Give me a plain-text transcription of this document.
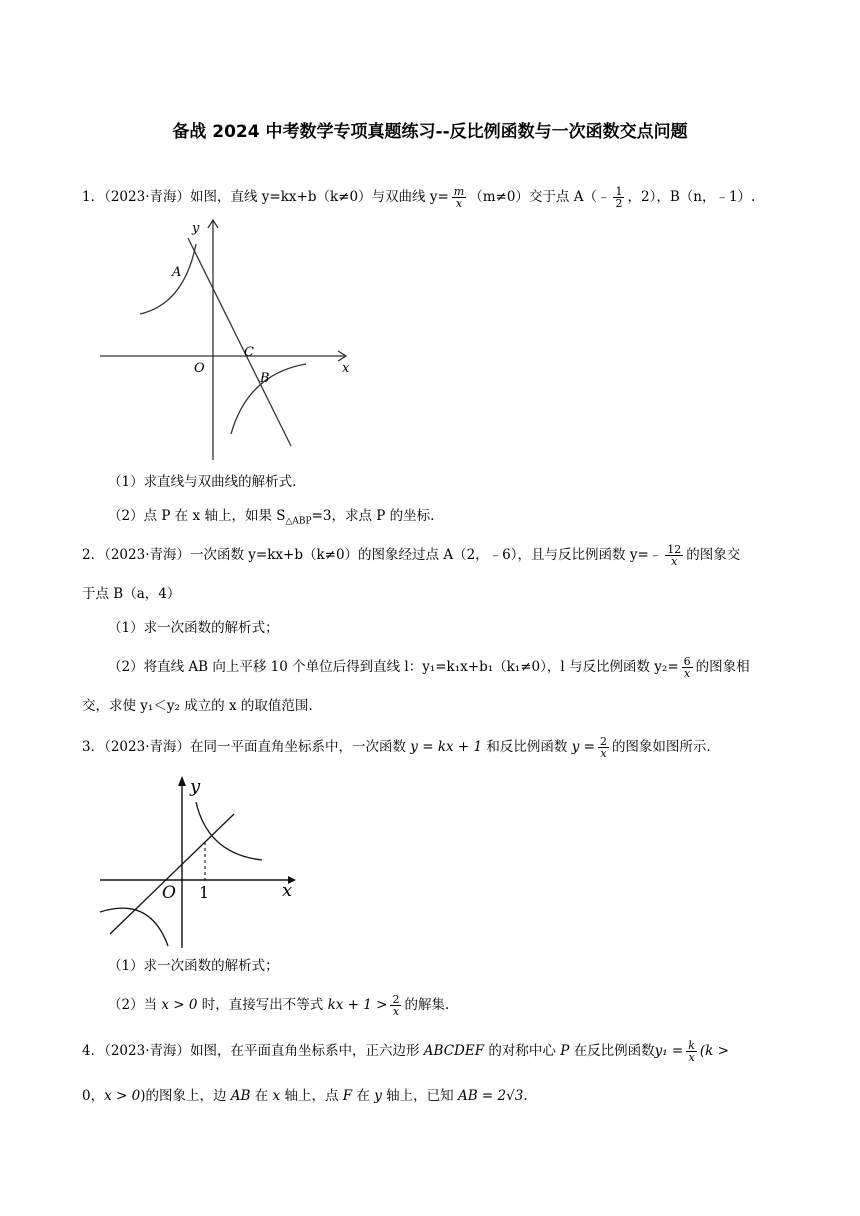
备战 2024 中考数学专项真题练习--反比例函数与一次函数交点问题
1．（2023·青海）如图，直线 y=kx+b（k≠0）与双曲线 $y= \frac{m}{x} (m\ne 0)$交于点 A（﹣ $\frac{1}{2}$ ，2），B（n，﹣1）.
y
x
A
C
O
B
（1）求直线与双曲线的解析式.
（2）点 P 在 x 轴上，如果 $S_{\triangle ABP}=3$，求点 P 的坐标.
2．（2023·青海）一次函数 y=kx+b（k≠0）的图象经过点 A（2，﹣6），且与反比例函数 y=﹣ $\frac{12}{x}$ 的图象交
于点 B（a，4）
（1）求一次函数的解析式；
（2）将直线 AB 向上平移 10 个单位后得到直线 l：y₁=k₁x+b₁（k₁≠0），l 与反比例函数 $y_2= \frac{6}{x}$ 的图象相
交，求使 y₁＜y₂ 成立的 x 的取值范围.
3．（2023·青海）在同一平面直角坐标系中，一次函数 y = kx + 1 和反比例函数 $y = \frac{2}{x}$ 的图象如图所示.
y
x
O 1
（1）求一次函数的解析式；
（2）当 x > 0 时，直接写出不等式 kx + $1 > \frac{2}{x}$ 的解集.
4．（2023·青海）如图，在平面直角坐标系中，正六边形 ABCDEF 的对称中心 P 在反比例函数$y_1 = \frac{k}{x} (k$ >
0，x > 0)的图象上，边 AB 在 x 轴上，点 F 在 y 轴上，已知 AB = 2√3.
